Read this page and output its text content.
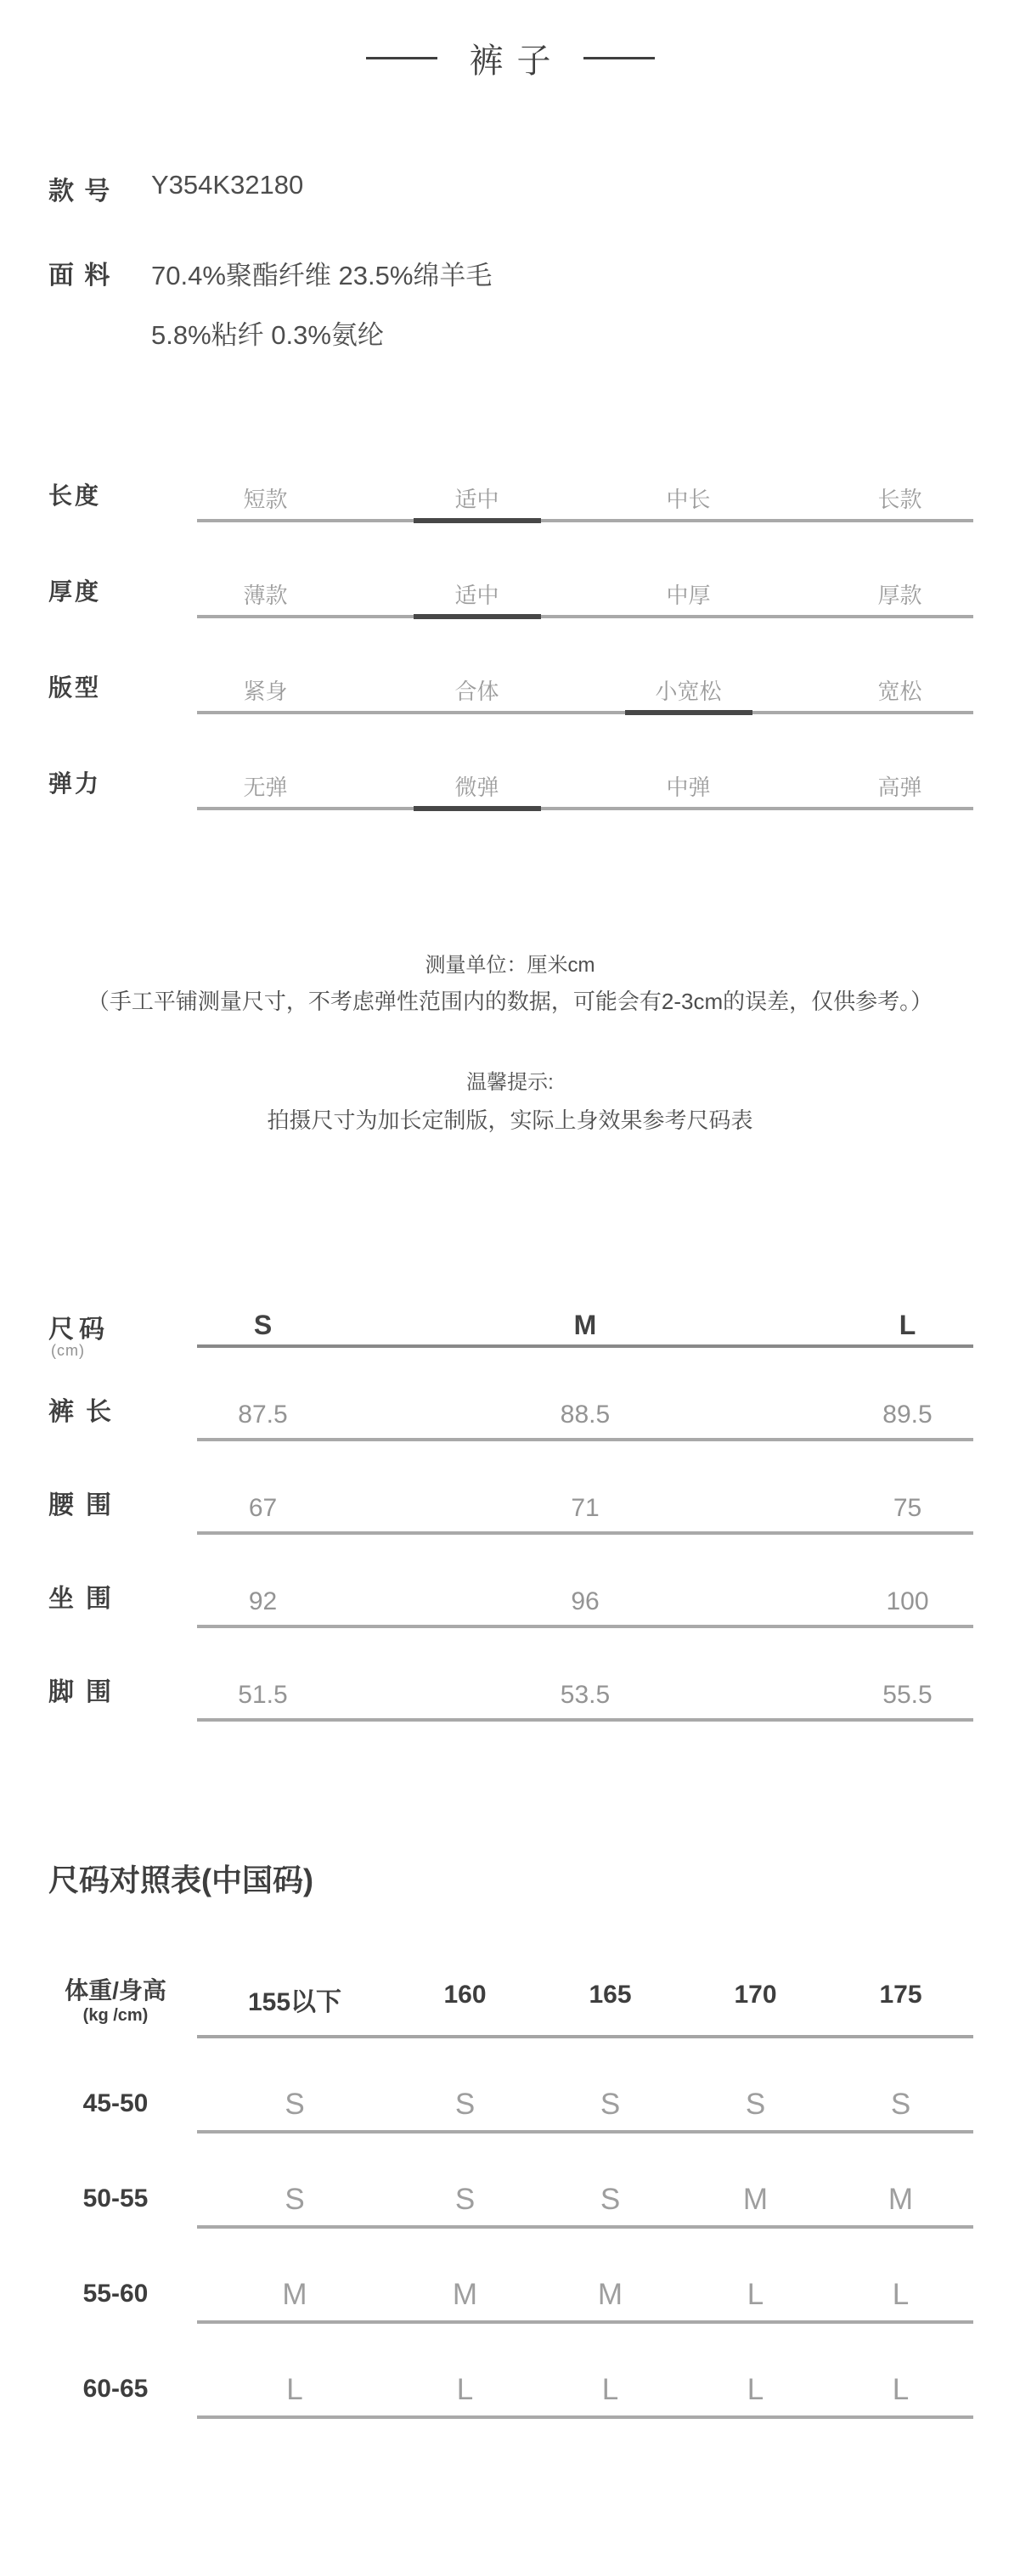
裤子
款 号	Y354K32180
面 料	70.4%聚酯纤维 23.5%绵羊毛
5.8%粘纤 0.3%氨纶
长度	短款	适中	中长	长款
厚度	薄款	适中	中厚	厚款
版型	紧身	合体	小宽松	宽松
弹力	无弹	微弹	中弹	高弹
测量单位：厘米cm
（手工平铺测量尺寸，不考虑弹性范围内的数据，可能会有2-3cm的误差，仅供参考。）
温馨提示:
拍摄尺寸为加长定制版，实际上身效果参考尺码表
尺码
(cm)
S	M	L
裤长	87.5	88.5	89.5
腰围	67	71	75
坐围	92	96	100
脚围	51.5	53.5	55.5
尺码对照表(中国码)
体重/身高
(kg /cm)	155以下	160	165	170	175
45-50	S	S	S	S	S
50-55	S	S	S	M	M
55-60	M	M	M	L	L
60-65	L	L	L	L	L
